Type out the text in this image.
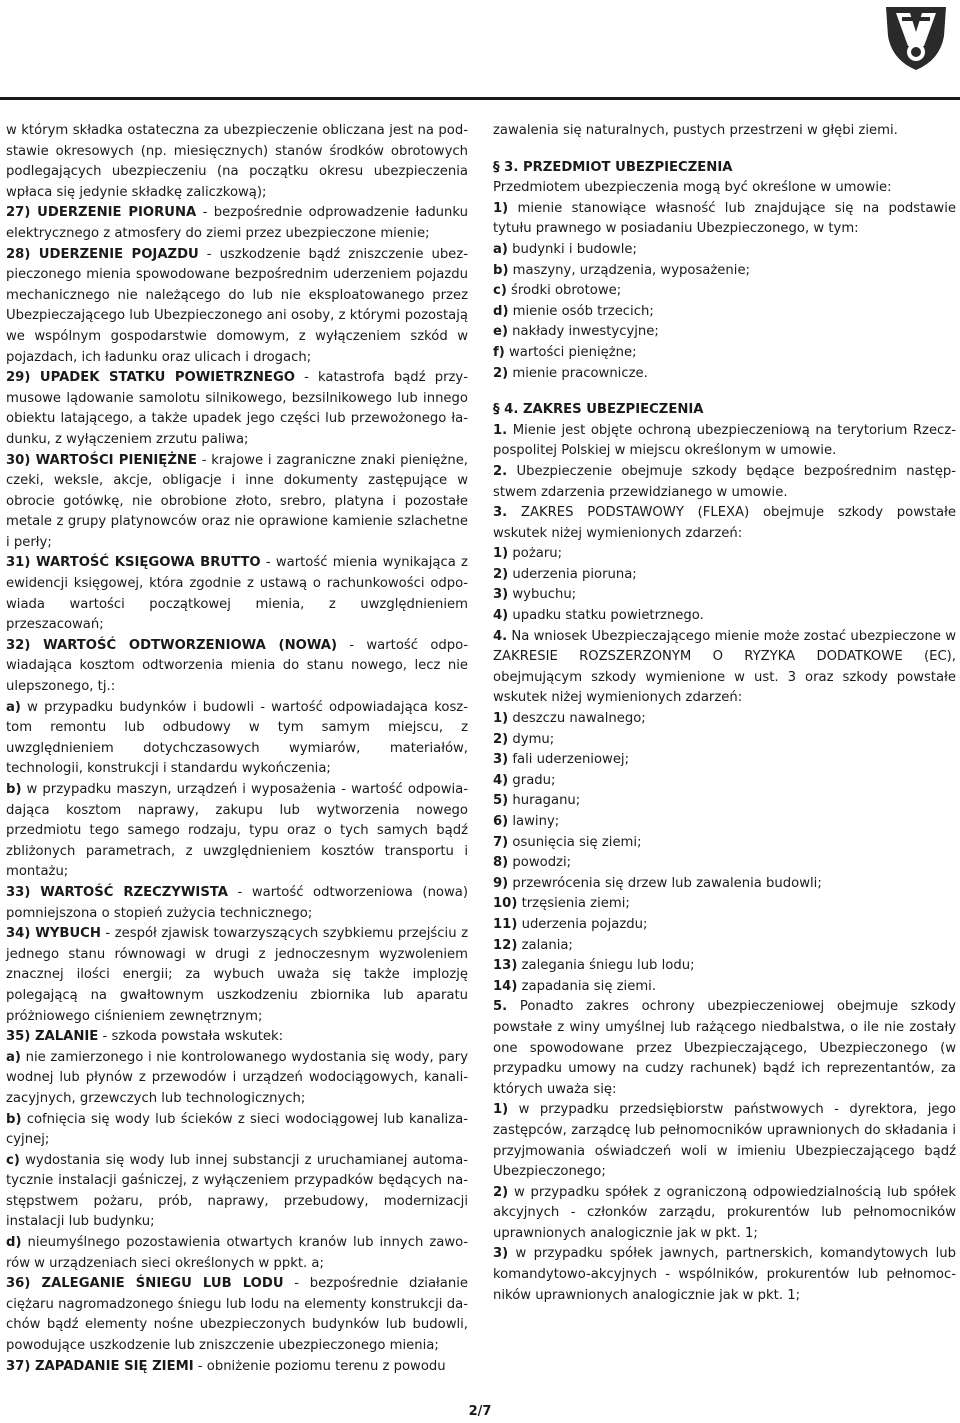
w którym składka ostateczna za ubezpieczenie obliczana jest na podstawie okresowych (np. miesięcznych) stanów środków obrotowych podlegających ubezpieczeniu (na początku okresu ubezpieczenia wpłaca się jedynie składkę zaliczkową);

27) UDERZENIE PIORUNA - bezpośrednie odprowadzenie ładunku elektrycznego z atmosfery do ziemi przez ubezpieczone mienie;

28) UDERZENIE POJAZDU - uszkodzenie bądź zniszczenie ubezpieczonego mienia spowodowane bezpośrednim uderzeniem pojazdu mechanicznego nie należącego do lub nie eksploatowanego przez Ubezpieczającego lub Ubezpieczonego ani osoby, z którymi pozostają we wspólnym gospodarstwie domowym, z wyłączeniem szkód w pojazdach, ich ładunku oraz ulicach i drogach;

29) UPADEK STATKU POWIETRZNEGO - katastrofa bądź przymusowe lądowanie samolotu silnikowego, bezsilnikowego lub innego obiektu latającego, a także upadek jego części lub przewożonego ładunku, z wyłączeniem zrzutu paliwa;

30) WARTOŚCI PIENIĘŻNE - krajowe i zagraniczne znaki pieniężne, czeki, weksle, akcje, obligacje i inne dokumenty zastępujące w obrocie gotówkę, nie obrobione złoto, srebro, platyna i pozostałe metale z grupy platynowców oraz nie oprawione kamienie szlachetne i perły;

31) WARTOŚĆ KSIĘGOWA BRUTTO - wartość mienia wynikająca z ewidencji księgowej, która zgodnie z ustawą o rachunkowości odpowiada wartości początkowej mienia, z uwzględnieniem przeszacowań;

32) WARTOŚĆ ODTWORZENIOWA (NOWA) - wartość odpowiadająca kosztom odtworzenia mienia do stanu nowego, lecz nie ulepszonego, tj.:

a) w przypadku budynków i budowli - wartość odpowiadająca kosztom remontu lub odbudowy w tym samym miejscu, z uwzględnieniem dotychczasowych wymiarów, materiałów, technologii, konstrukcji i standardu wykończenia;

b) w przypadku maszyn, urządzeń i wyposażenia - wartość odpowiadająca kosztom naprawy, zakupu lub wytworzenia nowego przedmiotu tego samego rodzaju, typu oraz o tych samych bądź zbliżonych parametrach, z uwzględnieniem kosztów transportu i montażu;

33) WARTOŚĆ RZECZYWISTA - wartość odtworzeniowa (nowa) pomniejszona o stopień zużycia technicznego;

34) WYBUCH - zespół zjawisk towarzyszących szybkiemu przejściu z jednego stanu równowagi w drugi z jednoczesnym wyzwoleniem znacznej ilości energii; za wybuch uważa się także implozję polegającą na gwałtownym uszkodzeniu zbiornika lub aparatu próżniowego ciśnieniem zewnętrznym;

35) ZALANIE - szkoda powstała wskutek:

a) nie zamierzonego i nie kontrolowanego wydostania się wody, pary wodnej lub płynów z przewodów i urządzeń wodociągowych, kanalizacyjnych, grzewczych lub technologicznych;

b) cofnięcia się wody lub ścieków z sieci wodociągowej lub kanalizacyjnej;

c) wydostania się wody lub innej substancji z uruchamianej automatycznie instalacji gaśniczej, z wyłączeniem przypadków będących następstwem pożaru, prób, naprawy, przebudowy, modernizacji instalacji lub budynku;

d) nieumyślnego pozostawienia otwartych kranów lub innych zaworów w urządzeniach sieci określonych w ppkt. a;

36) ZALEGANIE ŚNIEGU LUB LODU - bezpośrednie działanie ciężaru nagromadzonego śniegu lub lodu na elementy konstrukcji dachów bądź elementy nośne ubezpieczonych budynków lub budowli, powodujące uszkodzenie lub zniszczenie ubezpieczonego mienia;

37) ZAPADANIE SIĘ ZIEMI - obniżenie poziomu terenu z powodu

zawalenia się naturalnych, pustych przestrzeni w głębi ziemi.

§ 3. PRZEDMIOT UBEZPIECZENIA

Przedmiotem ubezpieczenia mogą być określone w umowie:

1) mienie stanowiące własność lub znajdujące się na podstawie tytułu prawnego w posiadaniu Ubezpieczonego, w tym:

a) budynki i budowle;

b) maszyny, urządzenia, wyposażenie;

c) środki obrotowe;

d) mienie osób trzecich;

e) nakłady inwestycyjne;

f) wartości pieniężne;

2) mienie pracownicze.

§ 4. ZAKRES UBEZPIECZENIA

1. Mienie jest objęte ochroną ubezpieczeniową na terytorium Rzeczpospolitej Polskiej w miejscu określonym w umowie.

2. Ubezpieczenie obejmuje szkody będące bezpośrednim następstwem zdarzenia przewidzianego w umowie.

3. ZAKRES PODSTAWOWY (FLEXA) obejmuje szkody powstałe wskutek niżej wymienionych zdarzeń:

1) pożaru;

2) uderzenia pioruna;

3) wybuchu;

4) upadku statku powietrznego.

4. Na wniosek Ubezpieczającego mienie może zostać ubezpieczone w ZAKRESIE ROZSZERZONYM O RYZYKA DODATKOWE (EC), obejmującym szkody wymienione w ust. 3 oraz szkody powstałe wskutek niżej wymienionych zdarzeń:

1) deszczu nawalnego;

2) dymu;

3) fali uderzeniowej;

4) gradu;

5) huraganu;

6) lawiny;

7) osunięcia się ziemi;

8) powodzi;

9) przewrócenia się drzew lub zawalenia budowli;

10) trzęsienia ziemi;

11) uderzenia pojazdu;

12) zalania;

13) zalegania śniegu lub lodu;

14) zapadania się ziemi.

5. Ponadto zakres ochrony ubezpieczeniowej obejmuje szkody powstałe z winy umyślnej lub rażącego niedbalstwa, o ile nie zostały one spowodowane przez Ubezpieczającego, Ubezpieczonego (w przypadku umowy na cudzy rachunek) bądź ich reprezentantów, za których uważa się:

1) w przypadku przedsiębiorstw państwowych - dyrektora, jego zastępców, zarządcę lub pełnomocników uprawnionych do składania i przyjmowania oświadczeń woli w imieniu Ubezpieczającego bądź Ubezpieczonego;

2) w przypadku spółek z ograniczoną odpowiedzialnością lub spółek akcyjnych - członków zarządu, prokurentów lub pełnomocników uprawnionych analogicznie jak w pkt. 1;

3) w przypadku spółek jawnych, partnerskich, komandytowych lub komandytowo-akcyjnych - wspólników, prokurentów lub pełnomocników uprawnionych analogicznie jak w pkt. 1;

2/7
